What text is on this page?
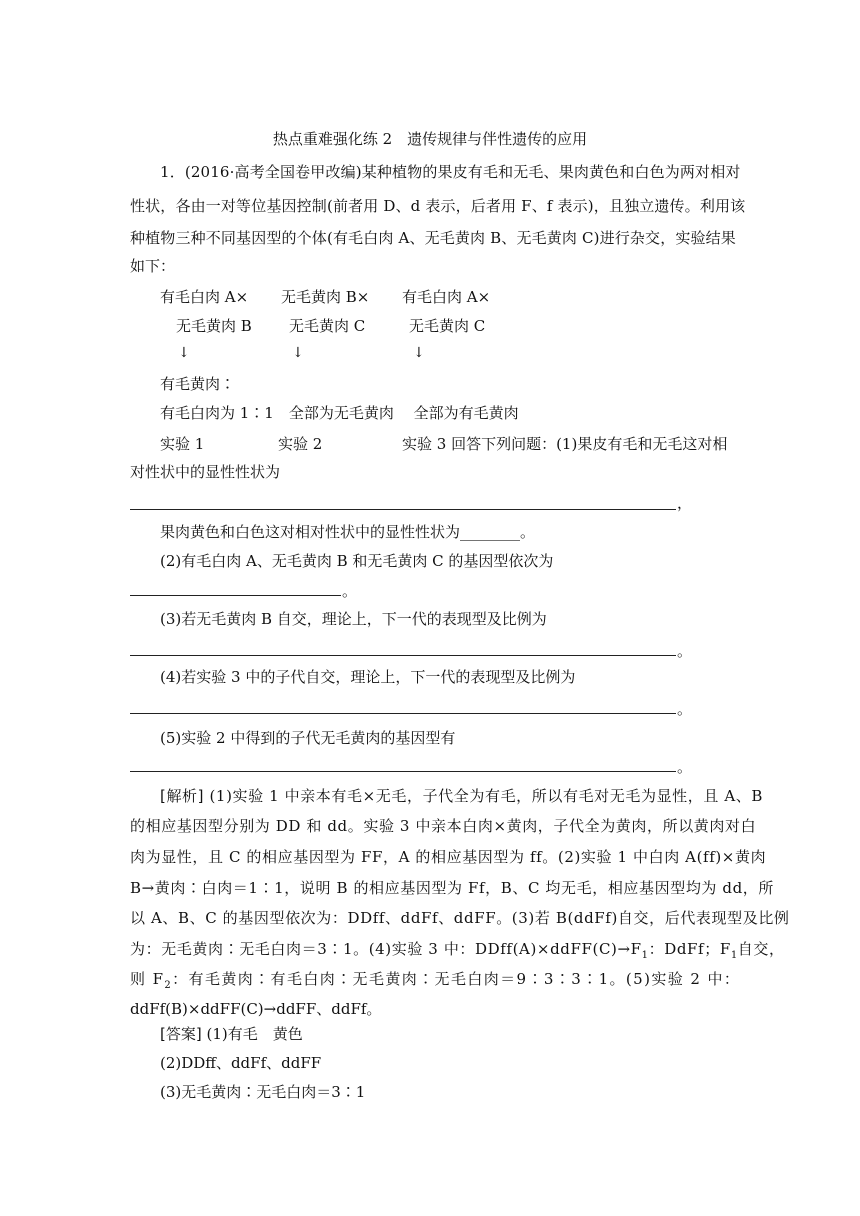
热点重难强化练 2　遗传规律与伴性遗传的应用
1．(2016·高考全国卷甲改编)某种植物的果皮有毛和无毛、果肉黄色和白色为两对相对
性状，各由一对等位基因控制(前者用 D、d 表示，后者用 F、f 表示)，且独立遗传。利用该
种植物三种不同基因型的个体(有毛白肉 A、无毛黄肉 B、无毛黄肉 C)进行杂交，实验结果
如下：
有毛白肉 A× 无毛黄肉 B× 有毛白肉 A×
无毛黄肉 B 无毛黄肉 C	无毛黄肉 C
↓	↓	↓
有毛黄肉∶
有毛白肉为 1∶1　全部为无毛黄肉　 全部为有毛黄肉
实验 1	实验 2	实验 3 回答下列问题：(1)果皮有毛和无毛这对相
对性状中的显性性状为
，
果肉黄色和白色这对相对性状中的显性性状为________。
(2)有毛白肉 A、无毛黄肉 B 和无毛黄肉 C 的基因型依次为
。
(3)若无毛黄肉 B 自交，理论上，下一代的表现型及比例为
。
(4)若实验 3 中的子代自交，理论上，下一代的表现型及比例为
。
(5)实验 2 中得到的子代无毛黄肉的基因型有
。
[解析] (1)实验 1 中亲本有毛×无毛，子代全为有毛，所以有毛对无毛为显性，且 A、B
的相应基因型分别为 DD 和 dd。实验 3 中亲本白肉×黄肉，子代全为黄肉，所以黄肉对白
肉为显性，且 C 的相应基因型为 FF，A 的相应基因型为 ff。(2)实验 1 中白肉 A(ff)×黄肉
B→黄肉∶白肉＝1∶1，说明 B 的相应基因型为 Ff，B、C 均无毛，相应基因型均为 dd，所
以 A、B、C 的基因型依次为：DDff、ddFf、ddFF。(3)若 B(ddFf)自交，后代表现型及比例
为：无毛黄肉∶无毛白肉＝3∶1。(4)实验 3 中：$DDff(A)\times ddFF(C)\to F_1$：DdFf；$F_1$自交，
则 $F_2$：有毛黄肉∶有毛白肉∶无毛黄肉∶无毛白肉＝9∶3∶3∶1。(5)实验 2 中：
ddFf(B)×ddFF(C)→ddFF、ddFf。
[答案] (1)有毛　黄色
(2)DDff、ddFf、ddFF
(3)无毛黄肉∶无毛白肉＝3∶1
